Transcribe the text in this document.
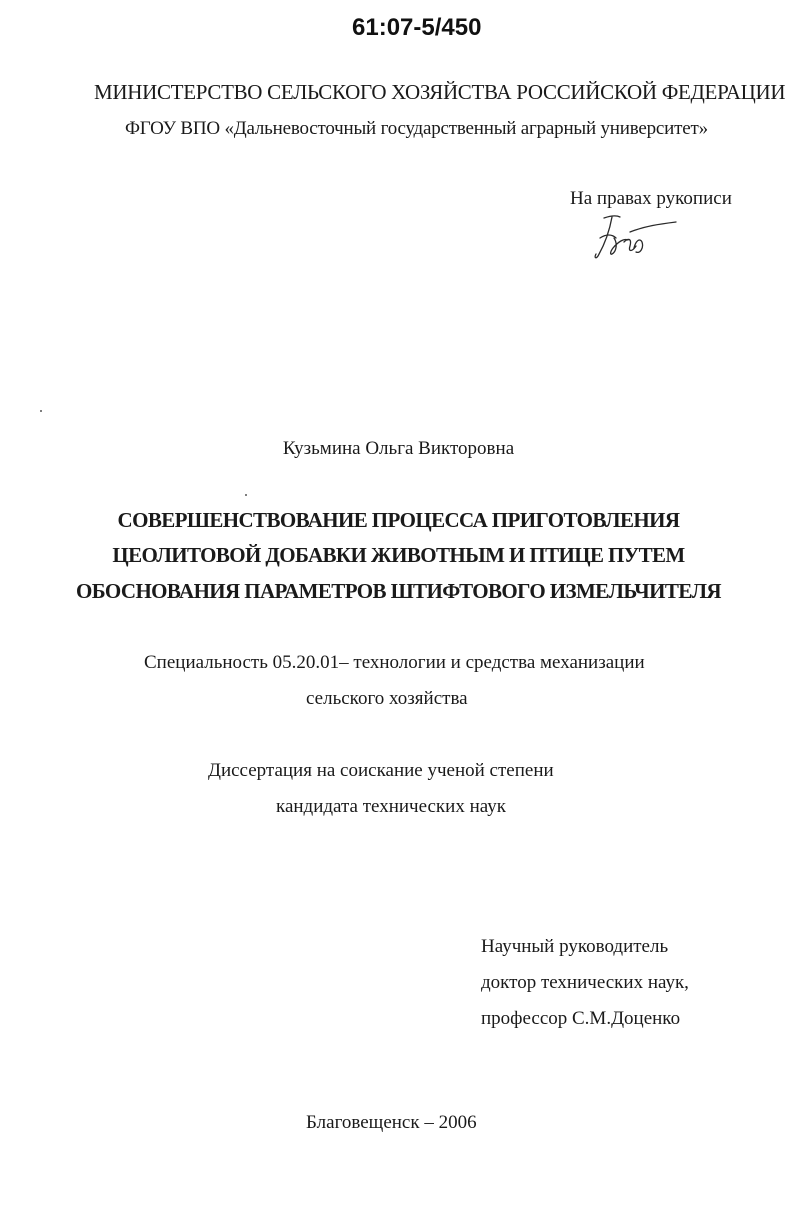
61:07-5/450
МИНИСТЕРСТВО СЕЛЬСКОГО ХОЗЯЙСТВА РОССИЙСКОЙ ФЕДЕРАЦИИ
ФГОУ ВПО «Дальневосточный государственный аграрный университет»
На правах рукописи
Кузьмина Ольга Викторовна
СОВЕРШЕНСТВОВАНИЕ ПРОЦЕССА ПРИГОТОВЛЕНИЯ
ЦЕОЛИТОВОЙ ДОБАВКИ ЖИВОТНЫМ И ПТИЦЕ ПУТЕМ
ОБОСНОВАНИЯ ПАРАМЕТРОВ ШТИФТОВОГО ИЗМЕЛЬЧИТЕЛЯ
Специальность 05.20.01– технологии и средства механизации
сельского хозяйства
Диссертация на соискание ученой степени
кандидата технических наук
Научный руководитель
доктор технических наук,
профессор С.М.Доценко
Благовещенск – 2006
